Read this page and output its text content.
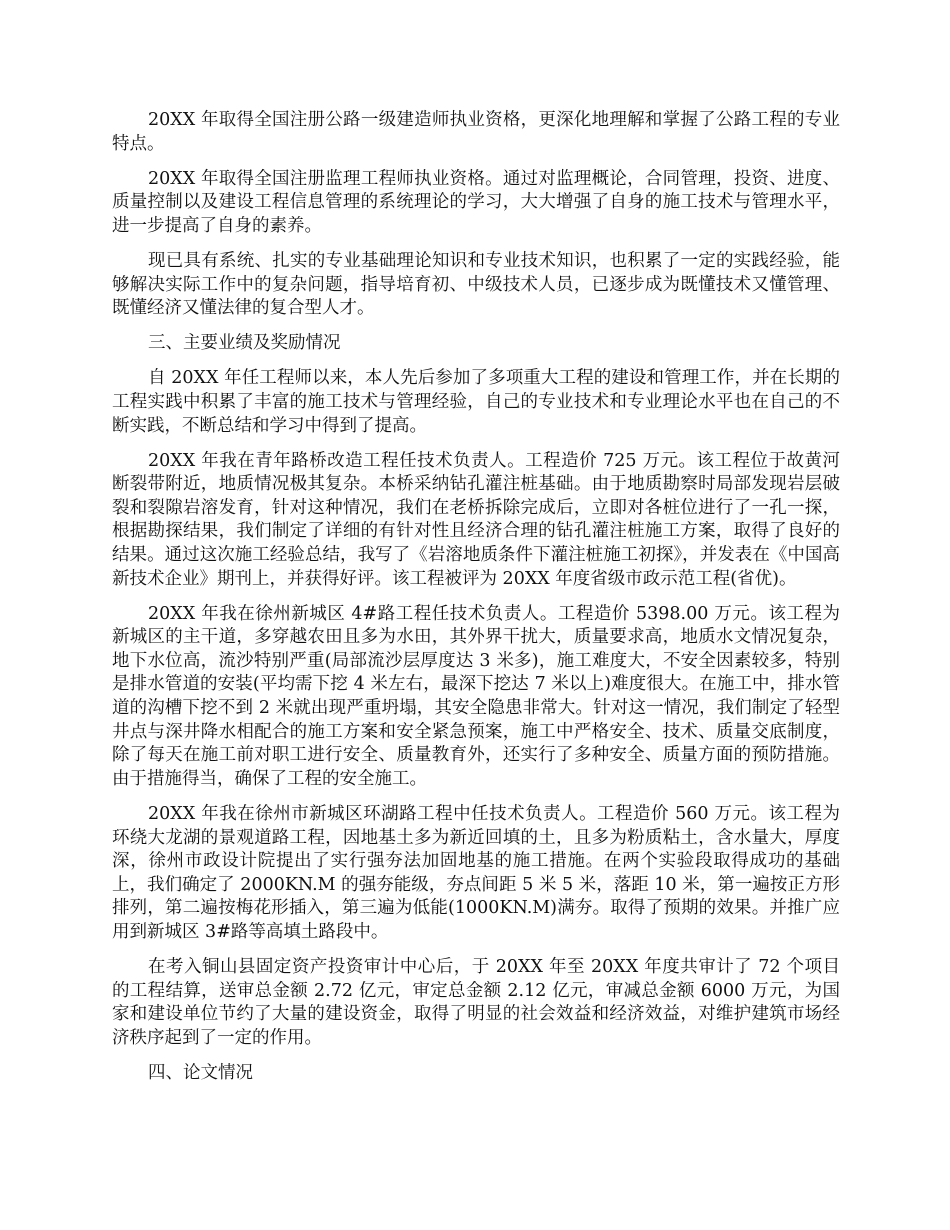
20XX 年取得全国注册公路一级建造师执业资格，更深化地理解和掌握了公路工程的专业特点。

20XX 年取得全国注册监理工程师执业资格。通过对监理概论，合同管理，投资、进度、质量控制以及建设工程信息管理的系统理论的学习，大大增强了自身的施工技术与管理水平，进一步提高了自身的素养。

现已具有系统、扎实的专业基础理论知识和专业技术知识，也积累了一定的实践经验，能够解决实际工作中的复杂问题，指导培育初、中级技术人员，已逐步成为既懂技术又懂管理、既懂经济又懂法律的复合型人才。

三、主要业绩及奖励情况

自 20XX 年任工程师以来，本人先后参加了多项重大工程的建设和管理工作，并在长期的工程实践中积累了丰富的施工技术与管理经验，自己的专业技术和专业理论水平也在自己的不断实践，不断总结和学习中得到了提高。

20XX 年我在青年路桥改造工程任技术负责人。工程造价 725 万元。该工程位于故黄河断裂带附近，地质情况极其复杂。本桥采纳钻孔灌注桩基础。由于地质勘察时局部发现岩层破裂和裂隙岩溶发育，针对这种情况，我们在老桥拆除完成后，立即对各桩位进行了一孔一探，根据勘探结果，我们制定了详细的有针对性且经济合理的钻孔灌注桩施工方案，取得了良好的结果。通过这次施工经验总结，我写了《岩溶地质条件下灌注桩施工初探》，并发表在《中国高新技术企业》期刊上，并获得好评。该工程被评为 20XX 年度省级市政示范工程(省优)。

20XX 年我在徐州新城区 4#路工程任技术负责人。工程造价 5398.00 万元。该工程为新城区的主干道，多穿越农田且多为水田，其外界干扰大，质量要求高，地质水文情况复杂，地下水位高，流沙特别严重(局部流沙层厚度达 3 米多)，施工难度大，不安全因素较多，特别是排水管道的安装(平均需下挖 4 米左右，最深下挖达 7 米以上)难度很大。在施工中，排水管道的沟槽下挖不到 2 米就出现严重坍塌，其安全隐患非常大。针对这一情况，我们制定了轻型井点与深井降水相配合的施工方案和安全紧急预案，施工中严格安全、技术、质量交底制度，除了每天在施工前对职工进行安全、质量教育外，还实行了多种安全、质量方面的预防措施。由于措施得当，确保了工程的安全施工。

20XX 年我在徐州市新城区环湖路工程中任技术负责人。工程造价 560 万元。该工程为环绕大龙湖的景观道路工程，因地基土多为新近回填的土，且多为粉质粘土，含水量大，厚度深，徐州市政设计院提出了实行强夯法加固地基的施工措施。在两个实验段取得成功的基础上，我们确定了 2000KN.M 的强夯能级，夯点间距 5 米 5 米，落距 10 米，第一遍按正方形排列，第二遍按梅花形插入，第三遍为低能(1000KN.M)满夯。取得了预期的效果。并推广应用到新城区 3#路等高填土路段中。

在考入铜山县固定资产投资审计中心后，于 20XX 年至 20XX 年度共审计了 72 个项目的工程结算，送审总金额 2.72 亿元，审定总金额 2.12 亿元，审减总金额 6000 万元，为国家和建设单位节约了大量的建设资金，取得了明显的社会效益和经济效益，对维护建筑市场经济秩序起到了一定的作用。

四、论文情况
